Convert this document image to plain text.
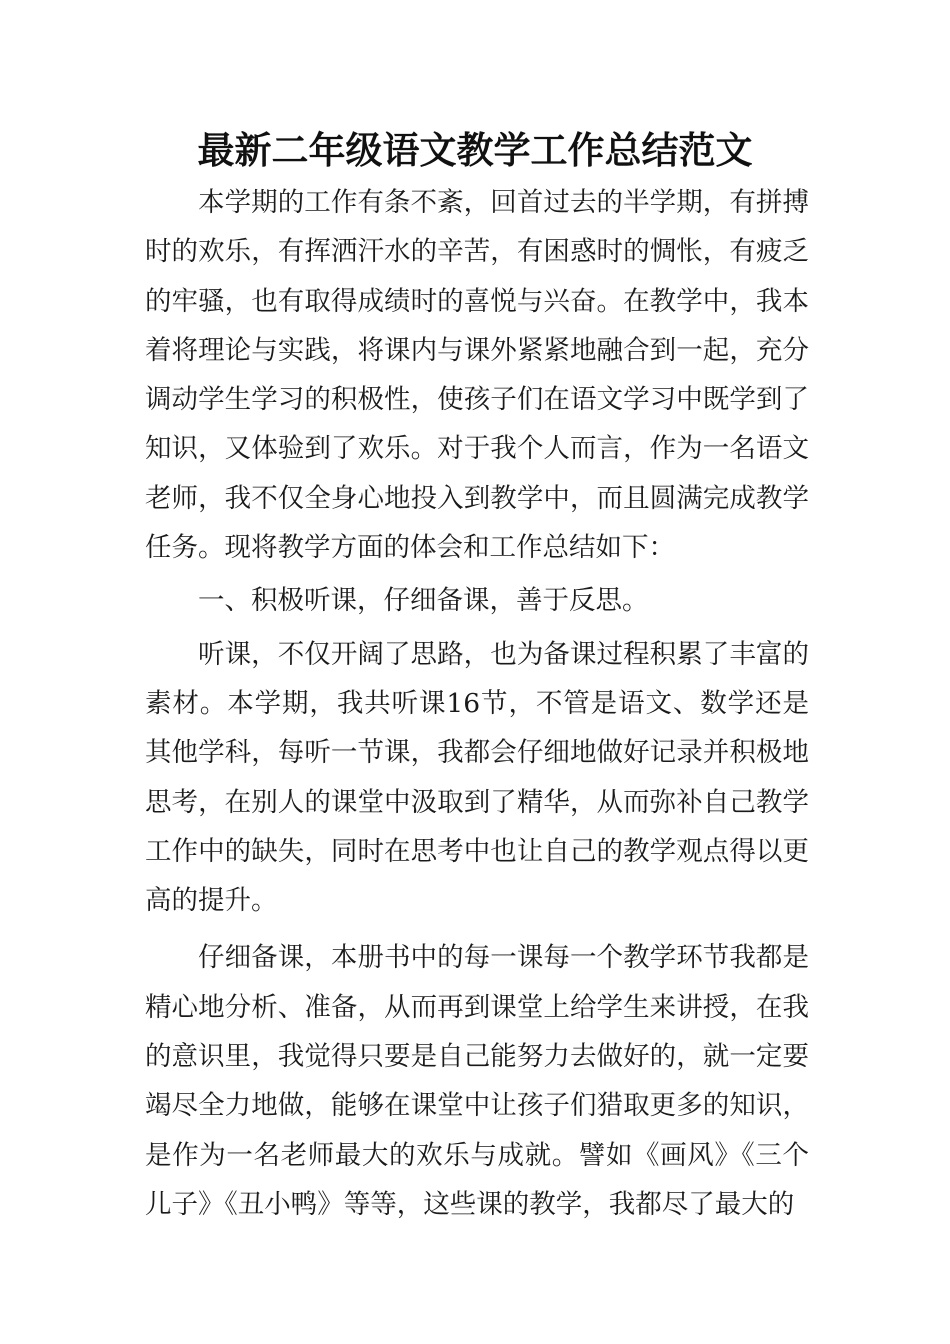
最新二年级语文教学工作总结范文

本学期的工作有条不紊，回首过去的半学期，有拼搏时的欢乐，有挥洒汗水的辛苦，有困惑时的惆怅，有疲乏的牢骚，也有取得成绩时的喜悦与兴奋。在教学中，我本着将理论与实践，将课内与课外紧紧地融合到一起，充分调动学生学习的积极性，使孩子们在语文学习中既学到了知识，又体验到了欢乐。对于我个人而言，作为一名语文老师，我不仅全身心地投入到教学中，而且圆满完成教学任务。现将教学方面的体会和工作总结如下：

一、积极听课，仔细备课，善于反思。

听课，不仅开阔了思路，也为备课过程积累了丰富的素材。本学期，我共听课16节，不管是语文、数学还是其他学科，每听一节课，我都会仔细地做好记录并积极地思考，在别人的课堂中汲取到了精华，从而弥补自己教学工作中的缺失，同时在思考中也让自己的教学观点得以更高的提升。

仔细备课，本册书中的每一课每一个教学环节我都是精心地分析、准备，从而再到课堂上给学生来讲授，在我的意识里，我觉得只要是自己能努力去做好的，就一定要竭尽全力地做，能够在课堂中让孩子们猎取更多的知识，是作为一名老师最大的欢乐与成就。譬如《画风》《三个儿子》《丑小鸭》等等，这些课的教学，我都尽了最大的
